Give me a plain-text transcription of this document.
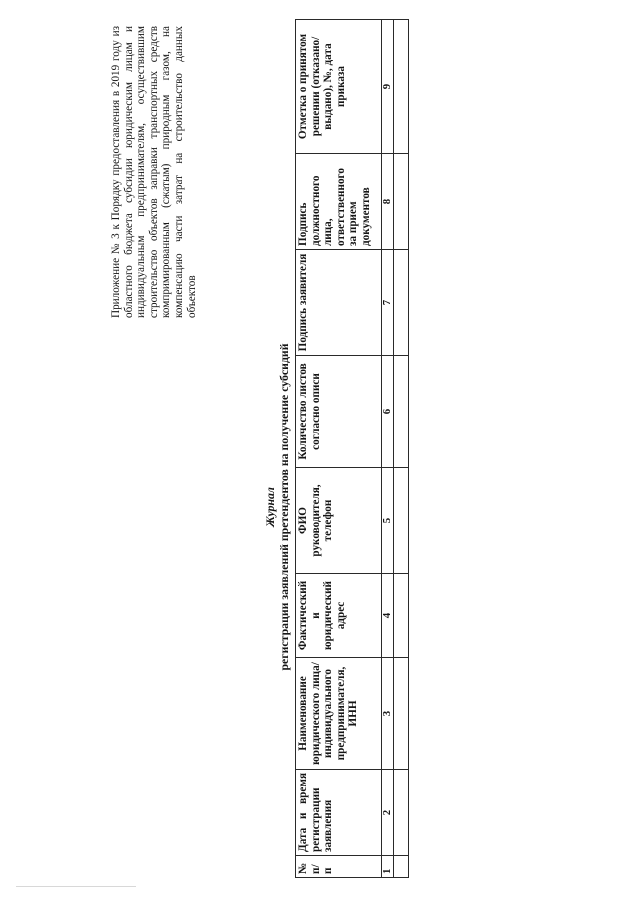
Приложение № 3 к Порядку предоставления в 2019 году из областного бюджета субсидии юридическим лицам и индивидуальным предпринимателям, осуществившим строительство объектов заправки транспортных средств компримированным (сжатым) природным газом, на компенсацию части затрат на строительство данных объектов
Журнал регистрации заявлений претендентов на получение субсидий
№ п/п	Дата и время регистрации заявления	Наименование юридического лица/ индивидуального предпринимателя, ИНН	Фактический и юридический адрес	ФИО руководителя, телефон	Количество листов согласно описи	Подпись заявителя	Подпись должностного лица, ответственного за прием документов	Отметка о принятом решении (отказано/выдано), №, дата приказа
1	2	3	4	5	6	7	8	9
